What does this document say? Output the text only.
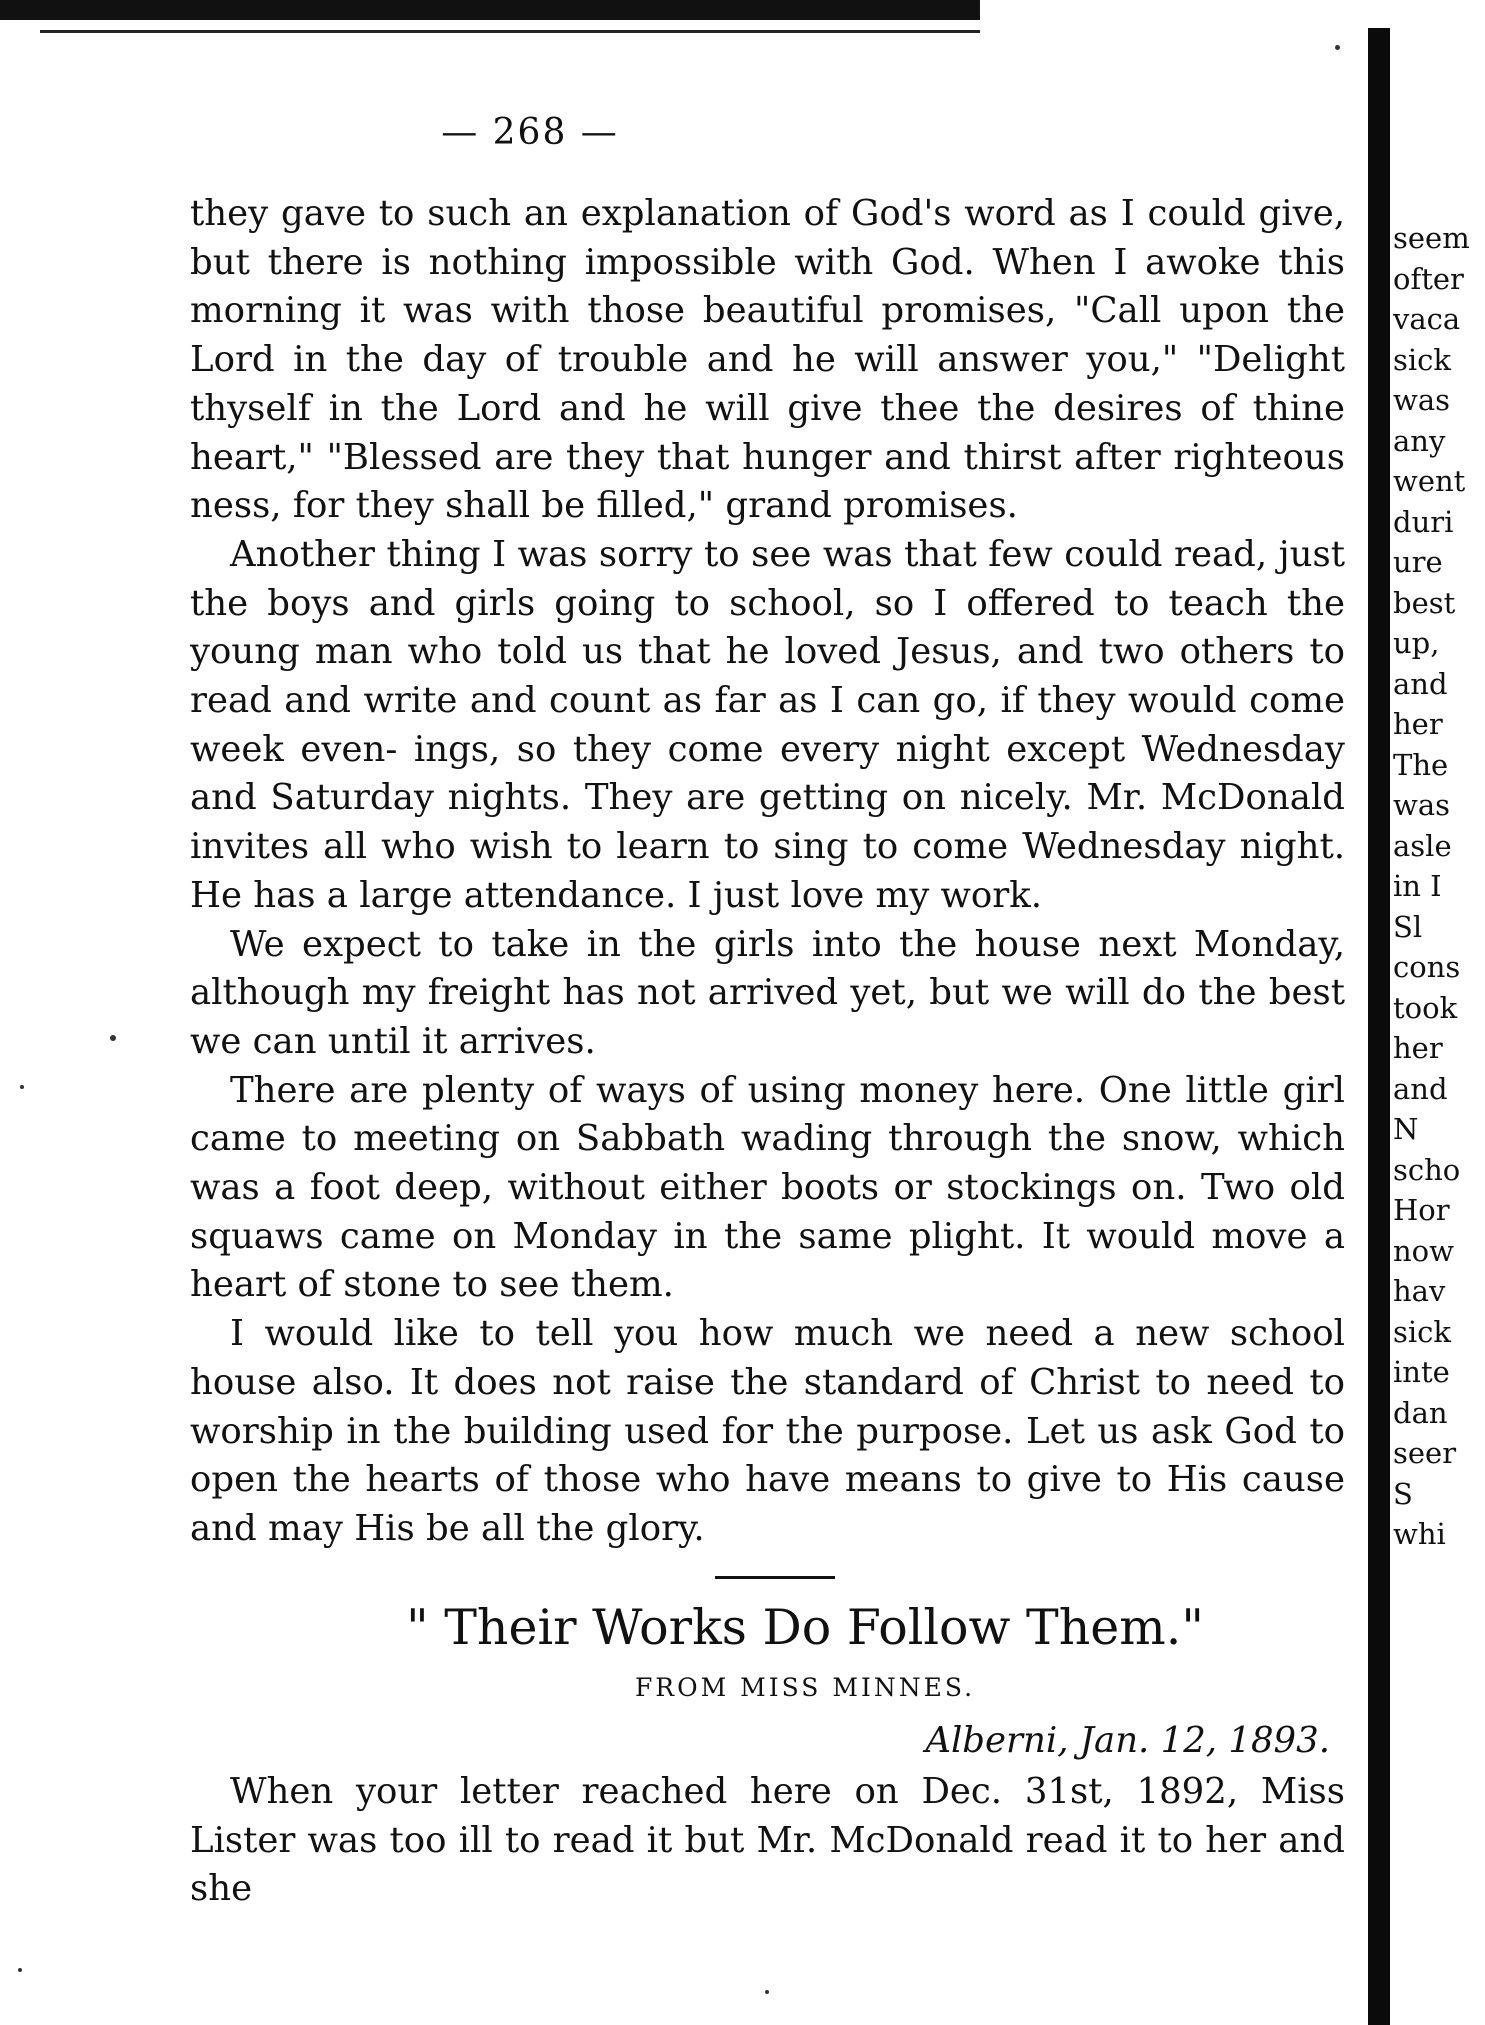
— 268 —

they gave to such an explanation of God's word as I could give, but there is nothing impossible with God. When I awoke this morning it was with those beautiful promises, "Call upon the Lord in the day of trouble and he will answer you," "Delight thyself in the Lord and he will give thee the desires of thine heart," "Blessed are they that hunger and thirst after righteous ness, for they shall be filled," grand promises.

Another thing I was sorry to see was that few could read, just the boys and girls going to school, so I offered to teach the young man who told us that he loved Jesus, and two others to read and write and count as far as I can go, if they would come week even- ings, so they come every night except Wednesday and Saturday nights. They are getting on nicely. Mr. McDonald invites all who wish to learn to sing to come Wednesday night. He has a large attendance. I just love my work.

We expect to take in the girls into the house next Monday, although my freight has not arrived yet, but we will do the best we can until it arrives.

There are plenty of ways of using money here. One little girl came to meeting on Sabbath wading through the snow, which was a foot deep, without either boots or stockings on. Two old squaws came on Monday in the same plight. It would move a heart of stone to see them.

I would like to tell you how much we need a new school house also. It does not raise the standard of Christ to need to worship in the building used for the purpose. Let us ask God to open the hearts of those who have means to give to His cause and may His be all the glory.

" Their Works Do Follow Them."
FROM MISS MINNES.
Alberni, Jan. 12, 1893.

When your letter reached here on Dec. 31st, 1892, Miss Lister was too ill to read it but Mr. McDonald read it to her and she

seem
ofter
vaca
sick
was
any
went
duri
ure
best
up,
and
her
The
was
asle
in I
Sl
cons
took
her
and
N
scho
Hor
now
hav
sick
inte
dan
seer
S
whi
